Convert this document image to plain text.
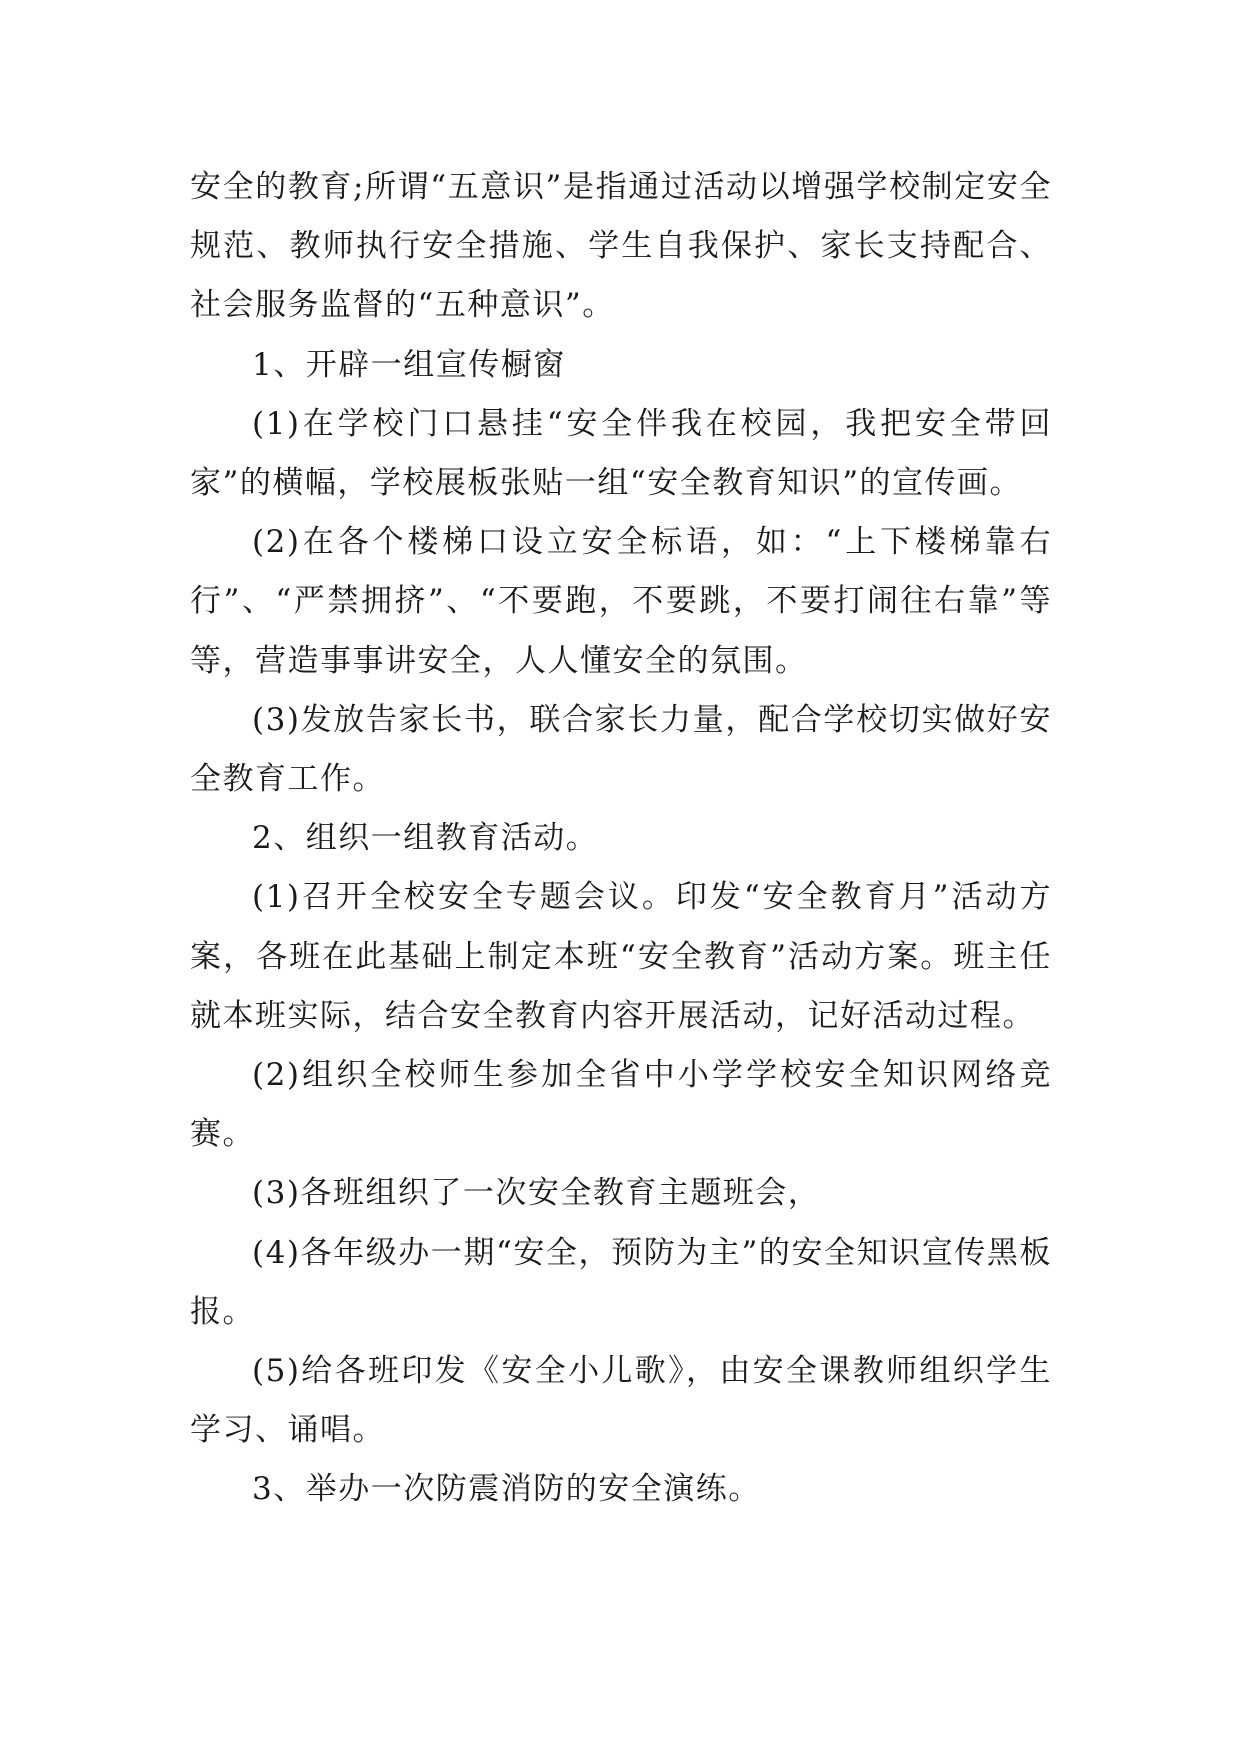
安全的教育;所谓“五意识”是指通过活动以增强学校制定安全规范、教师执行安全措施、学生自我保护、家长支持配合、社会服务监督的“五种意识”。

1、开辟一组宣传橱窗

(1)在学校门口悬挂“安全伴我在校园，我把安全带回家”的横幅，学校展板张贴一组“安全教育知识”的宣传画。

(2)在各个楼梯口设立安全标语，如：“上下楼梯靠右行”、“严禁拥挤”、“不要跑，不要跳，不要打闹往右靠”等等，营造事事讲安全，人人懂安全的氛围。

(3)发放告家长书，联合家长力量，配合学校切实做好安全教育工作。

2、组织一组教育活动。

(1)召开全校安全专题会议。印发“安全教育月”活动方案，各班在此基础上制定本班“安全教育”活动方案。班主任就本班实际，结合安全教育内容开展活动，记好活动过程。

(2)组织全校师生参加全省中小学学校安全知识网络竞赛。

(3)各班组织了一次安全教育主题班会，

(4)各年级办一期“安全，预防为主”的安全知识宣传黑板报。

(5)给各班印发《安全小儿歌》，由安全课教师组织学生学习、诵唱。

3、举办一次防震消防的安全演练。
